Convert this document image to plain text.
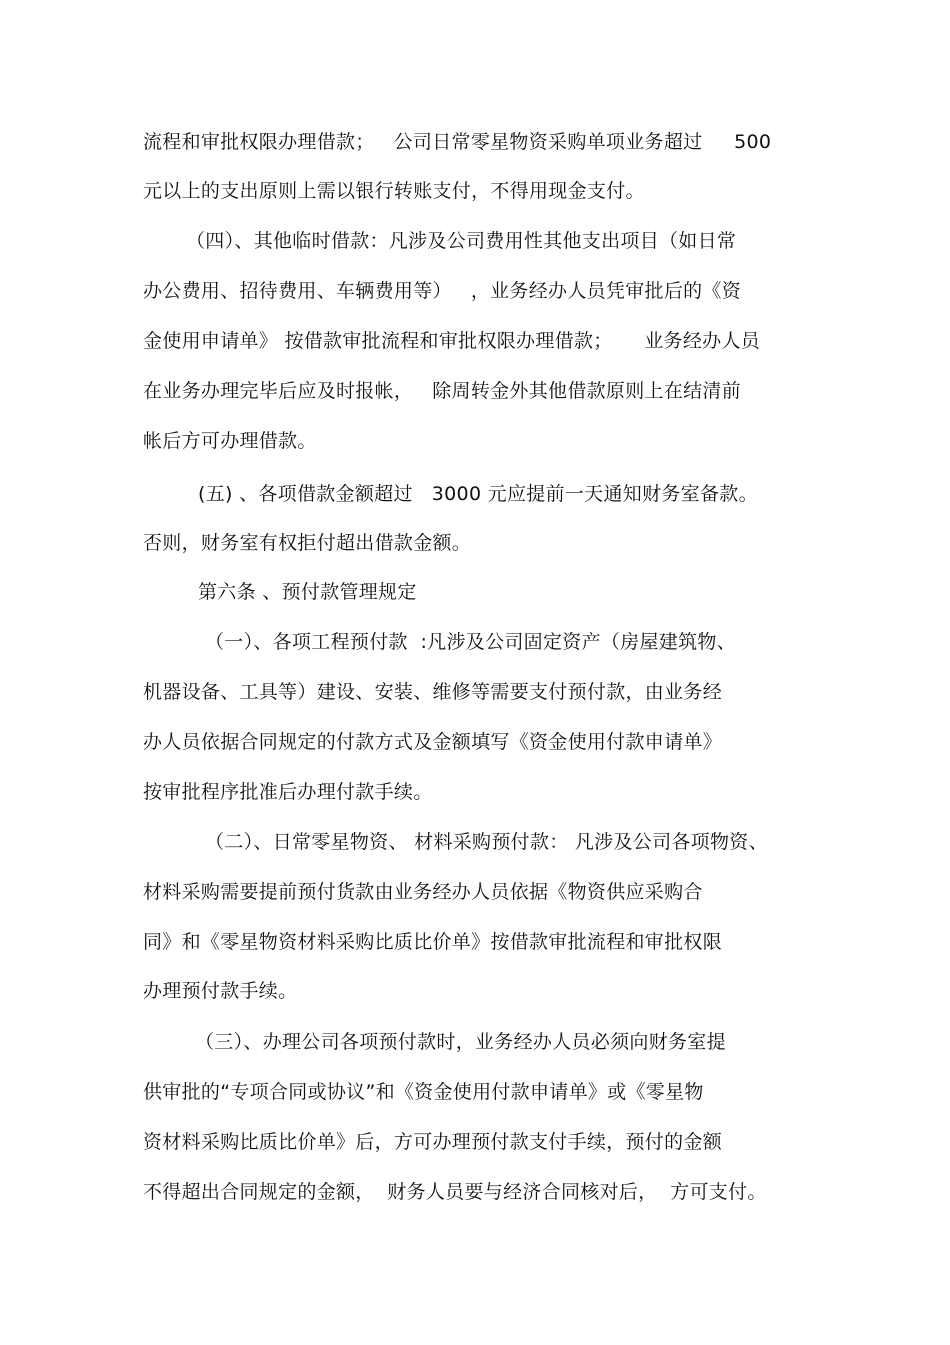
流程和审批权限办理借款；   公司日常零星物资采购单项业务超过     500
元以上的支出原则上需以银行转账支付，不得用现金支付。
（四）、其他临时借款：凡涉及公司费用性其他支出项目（如日常
办公费用、招待费用、车辆费用等）   ，业务经办人员凭审批后的《资
金使用申请单》 按借款审批流程和审批权限办理借款；     业务经办人员
在业务办理完毕后应及时报帐，   除周转金外其他借款原则上在结清前
帐后方可办理借款。
(五) 、各项借款金额超过   3000 元应提前一天通知财务室备款。
否则，财务室有权拒付超出借款金额。
第六条 、预付款管理规定
（一）、各项工程预付款  :凡涉及公司固定资产（房屋建筑物、
机器设备、工具等）建设、安装、维修等需要支付预付款，由业务经
办人员依据合同规定的付款方式及金额填写《资金使用付款申请单》
按审批程序批准后办理付款手续。
（二）、日常零星物资、 材料采购预付款： 凡涉及公司各项物资、
材料采购需要提前预付货款由业务经办人员依据《物资供应采购合
同》和《零星物资材料采购比质比价单》按借款审批流程和审批权限
办理预付款手续。
（三）、办理公司各项预付款时，业务经办人员必须向财务室提
供审批的“专项合同或协议”和《资金使用付款申请单》或《零星物
资材料采购比质比价单》后，方可办理预付款支付手续，预付的金额
不得超出合同规定的金额，  财务人员要与经济合同核对后，  方可支付。
